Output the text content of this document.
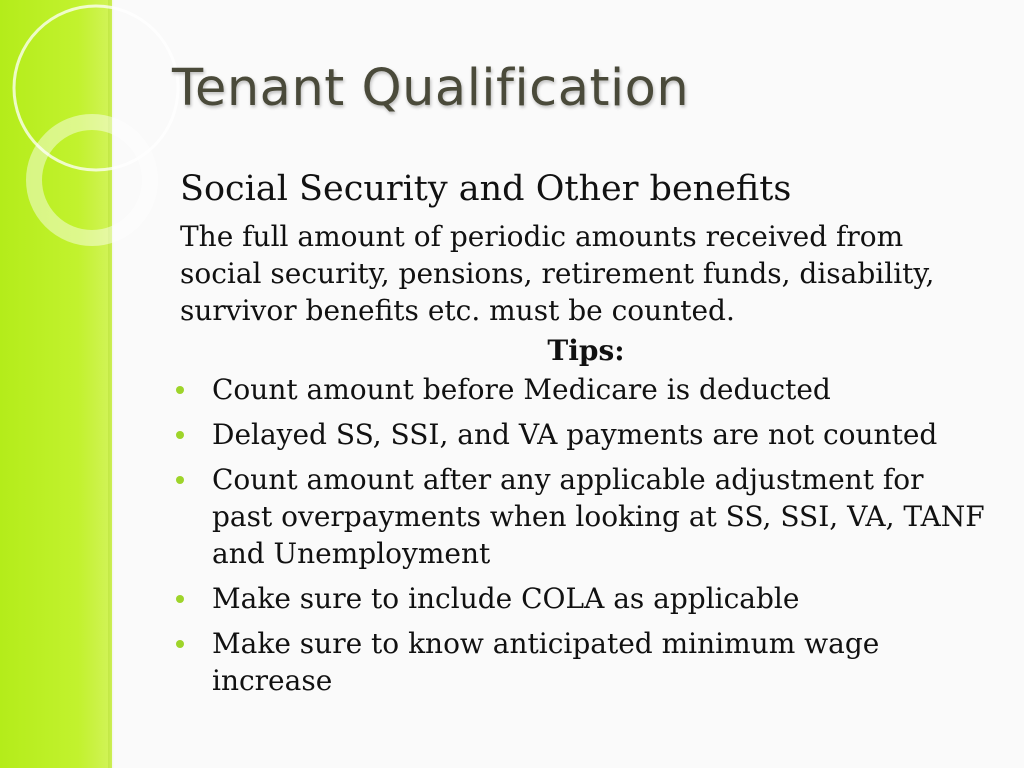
Tenant Qualification
Social Security and Other benefits

The full amount of periodic amounts received from social security, pensions, retirement funds, disability, survivor benefits etc. must be counted.

Tips:
Count amount before Medicare is deducted
Delayed SS, SSI, and VA payments are not counted
Count amount after any applicable adjustment for past overpayments when looking at SS, SSI, VA, TANF and Unemployment
Make sure to include COLA as applicable
Make sure to know anticipated minimum wage increase
